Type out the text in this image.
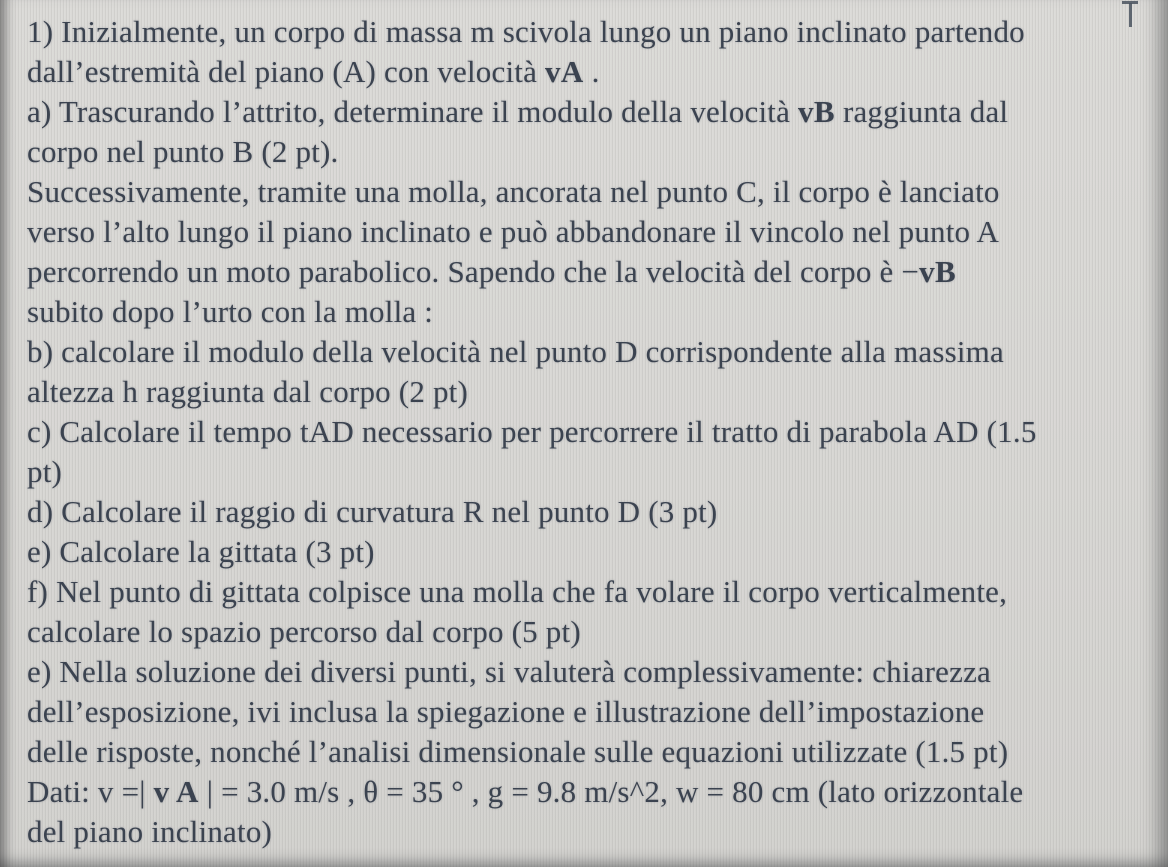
1) Inizialmente, un corpo di massa m scivola lungo un piano inclinato partendo
dall’estremità del piano (A) con velocità vA .
a) Trascurando l’attrito, determinare il modulo della velocità vB raggiunta dal
corpo nel punto B (2 pt).
Successivamente, tramite una molla, ancorata nel punto C, il corpo è lanciato
verso l’alto lungo il piano inclinato e può abbandonare il vincolo nel punto A
percorrendo un moto parabolico. Sapendo che la velocità del corpo è −vB
subito dopo l’urto con la molla :
b) calcolare il modulo della velocità nel punto D corrispondente alla massima
altezza h raggiunta dal corpo (2 pt)
c) Calcolare il tempo tAD necessario per percorrere il tratto di parabola AD (1.5
pt)
d) Calcolare il raggio di curvatura R nel punto D (3 pt)
e) Calcolare la gittata (3 pt)
f) Nel punto di gittata colpisce una molla che fa volare il corpo verticalmente,
calcolare lo spazio percorso dal corpo (5 pt)
e) Nella soluzione dei diversi punti, si valuterà complessivamente: chiarezza
dell’esposizione, ivi inclusa la spiegazione e illustrazione dell’impostazione
delle risposte, nonché l’analisi dimensionale sulle equazioni utilizzate (1.5 pt)
Dati: v =| v A | = 3.0 m/s , θ = 35 ° , g = 9.8 m/s^2, w = 80 cm (lato orizzontale
del piano inclinato)
